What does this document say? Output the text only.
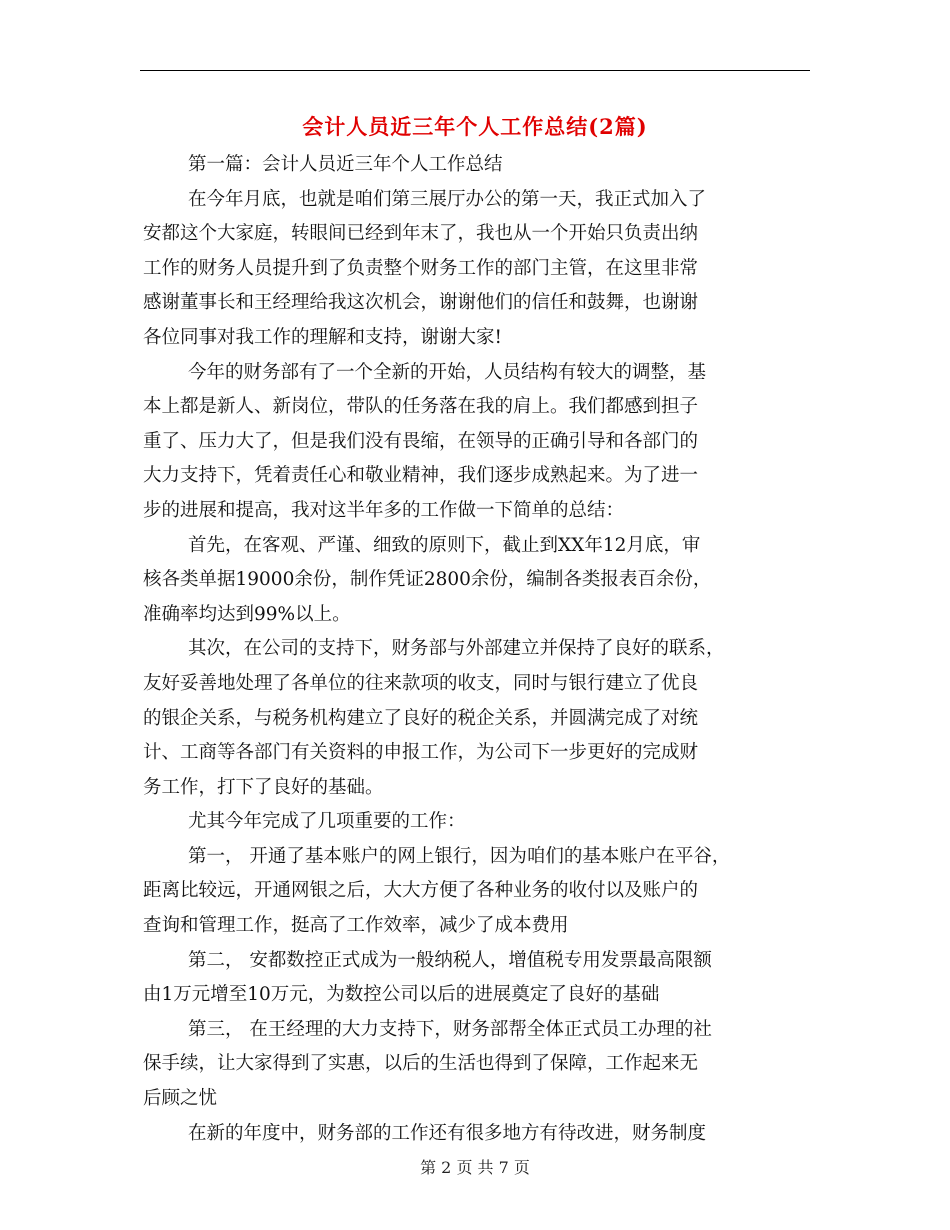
会计人员近三年个人工作总结(2篇)
第一篇：会计人员近三年个人工作总结
在今年月底，也就是咱们第三展厅办公的第一天，我正式加入了
安都这个大家庭，转眼间已经到年末了，我也从一个开始只负责出纳
工作的财务人员提升到了负责整个财务工作的部门主管，在这里非常
感谢董事长和王经理给我这次机会，谢谢他们的信任和鼓舞，也谢谢
各位同事对我工作的理解和支持，谢谢大家!
今年的财务部有了一个全新的开始，人员结构有较大的调整，基
本上都是新人、新岗位，带队的任务落在我的肩上。我们都感到担子
重了、压力大了，但是我们没有畏缩，在领导的正确引导和各部门的
大力支持下，凭着责任心和敬业精神，我们逐步成熟起来。为了进一
步的进展和提高，我对这半年多的工作做一下简单的总结：
首先，在客观、严谨、细致的原则下，截止到XX年12月底，审
核各类单据19000余份，制作凭证2800余份，编制各类报表百余份，
准确率均达到99%以上。
其次，在公司的支持下，财务部与外部建立并保持了良好的联系，
友好妥善地处理了各单位的往来款项的收支，同时与银行建立了优良
的银企关系，与税务机构建立了良好的税企关系，并圆满完成了对统
计、工商等各部门有关资料的申报工作，为公司下一步更好的完成财
务工作，打下了良好的基础。
尤其今年完成了几项重要的工作：
第一， 开通了基本账户的网上银行，因为咱们的基本账户在平谷，
距离比较远，开通网银之后，大大方便了各种业务的收付以及账户的
查询和管理工作，挺高了工作效率，减少了成本费用
第二， 安都数控正式成为一般纳税人，增值税专用发票最高限额
由1万元增至10万元，为数控公司以后的进展奠定了良好的基础
第三， 在王经理的大力支持下，财务部帮全体正式员工办理的社
保手续，让大家得到了实惠，以后的生活也得到了保障，工作起来无
后顾之忧
在新的年度中，财务部的工作还有很多地方有待改进，财务制度
第 2 页 共 7 页
